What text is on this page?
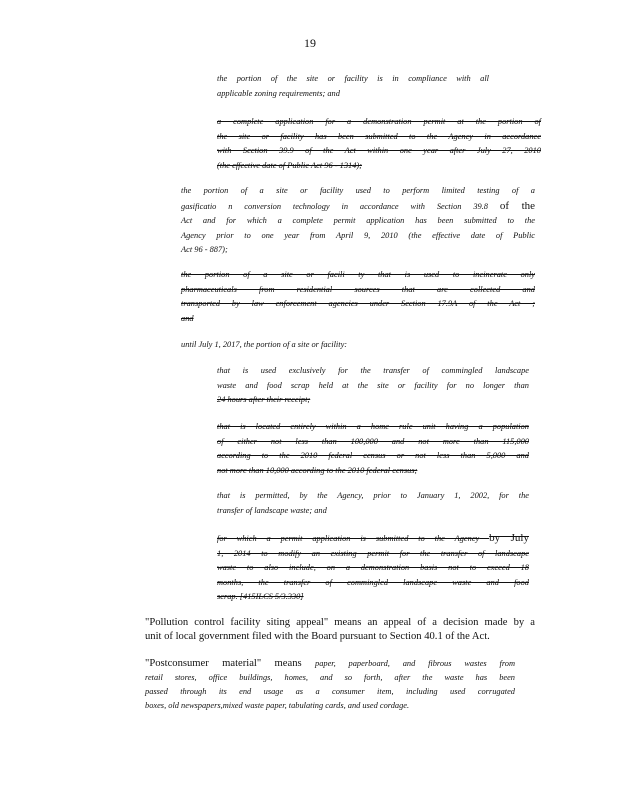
19
the portion of the site or facility is in compliance with all
applicable zoning requirements; and
a complete application for a demonstration permit at the portion of
the site or facility has been submitted to the Agency in accordance
with Section 39.9 of the Act within one year after July 27, 2010
(the effective date of Public Act 96 - 1314);
the portion of a site or facility used to perform limited testing of a
gasificatio n conversion technology in accordance with Section 39.8 of the
Act and for which a complete permit application has been submitted to the
Agency prior to one year from April 9, 2010 (the effective date of Public
Act 96 - 887);
the portion of a site or facili ty that is used to incinerate only
pharmaceuticals from residential sources that are collected and
transported by law enforcement agencies under Section 17.9A of the Act ;
and
until July 1, 2017, the portion of a site or facility:
that is used exclusively for the transfer of commingled landscape
waste and food scrap held at the site or facility for no longer than
24 hours after their receipt;
that is located entirely within a home rule unit having a population
of either not less than 100,000 and not more than 115,000
according to the 2010 federal census or not less than 5,000 and
not more than 10,000 according to the 2010 federal census;
that is permitted, by the Agency, prior to January 1, 2002, for the
transfer of landscape waste; and
for which a permit application is submitted to the Agency by July
1, 2014 to modify an existing permit for the transfer of landscape
waste to also include, on a demonstration basis not to exceed 18
months, the transfer of commingled landscape waste and food
scrap. [415ILCS 5/3.330]
"Pollution control facility siting appeal" means an appeal of a decision made by a
unit of local government filed with the Board pursuant to Section 40.1 of the Act.
"Postconsumer material" means paper, paperboard, and fibrous wastes from
retail stores, office buildings, homes, and so forth, after the waste has been
passed through its end usage as a consumer item, including used corrugated
boxes, old newspapers,mixed waste paper, tabulating cards, and used cordage.
